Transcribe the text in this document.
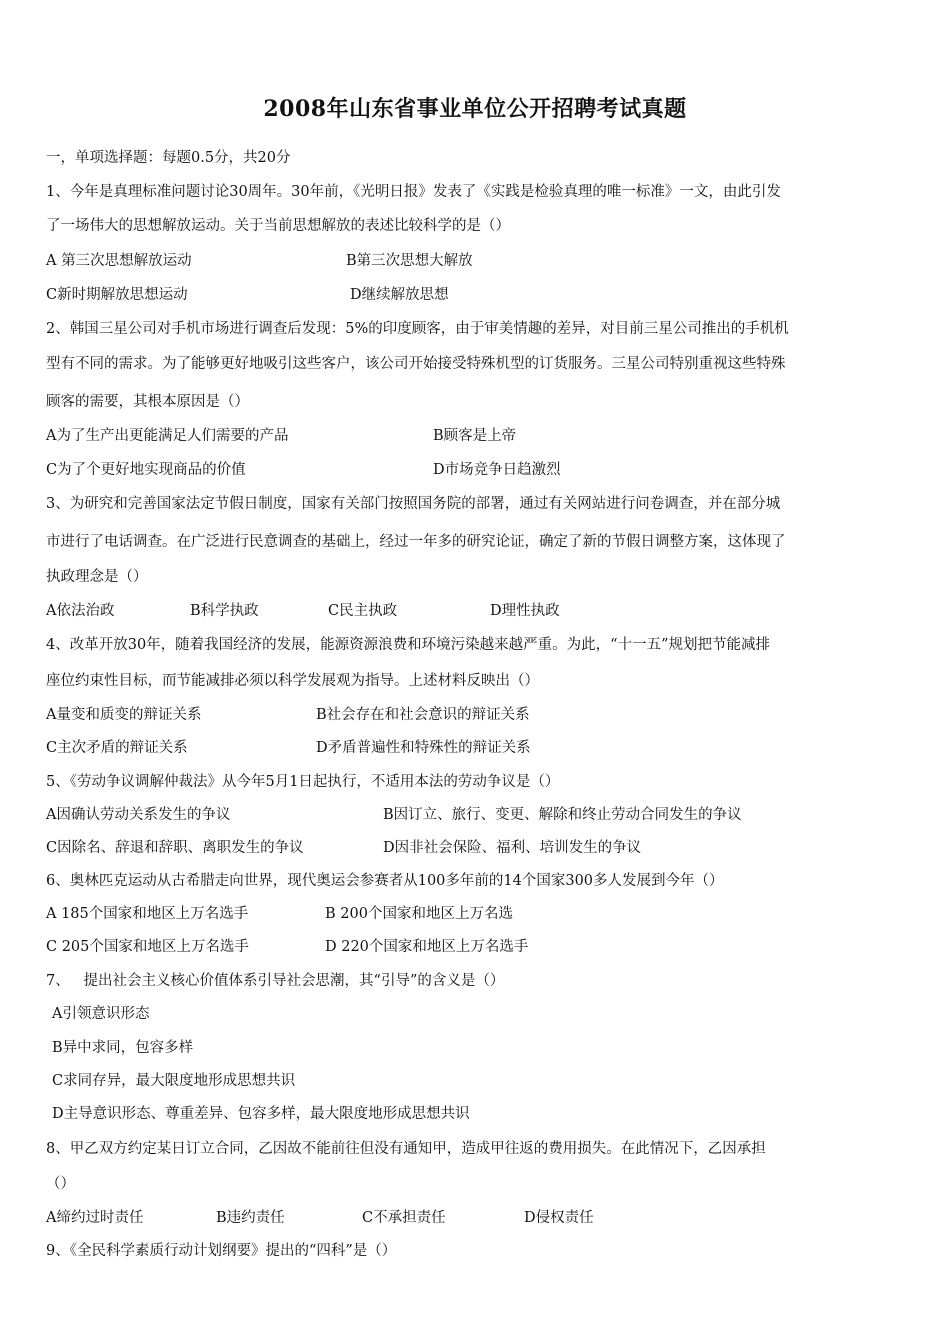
2008年山东省事业单位公开招聘考试真题
一，单项选择题：每题0.5分，共20分
1、今年是真理标准问题讨论30周年。30年前，《光明日报》发表了《实践是检验真理的唯一标准》一文，由此引发
了一场伟大的思想解放运动。关于当前思想解放的表述比较科学的是（）
A 第三次思想解放运动	B第三次思想大解放
C新时期解放思想运动	D继续解放思想
2、韩国三星公司对手机市场进行调查后发现：5%的印度顾客，由于审美情趣的差异，对目前三星公司推出的手机机
型有不同的需求。为了能够更好地吸引这些客户，该公司开始接受特殊机型的订货服务。三星公司特别重视这些特殊
顾客的需要，其根本原因是（）
A为了生产出更能满足人们需要的产品	B顾客是上帝
C为了个更好地实现商品的价值	D市场竞争日趋激烈
3、为研究和完善国家法定节假日制度，国家有关部门按照国务院的部署，通过有关网站进行问卷调查，并在部分城
市进行了电话调查。在广泛进行民意调查的基础上，经过一年多的研究论证，确定了新的节假日调整方案，这体现了
执政理念是（）
A依法治政	B科学执政	C民主执政	D理性执政
4、改革开放30年，随着我国经济的发展，能源资源浪费和环境污染越来越严重。为此，“十一五”规划把节能减排
座位约束性目标，而节能减排必须以科学发展观为指导。上述材料反映出（）
A量变和质变的辩证关系	B社会存在和社会意识的辩证关系
C主次矛盾的辩证关系	D矛盾普遍性和特殊性的辩证关系
5、《劳动争议调解仲裁法》从今年5月1日起执行，不适用本法的劳动争议是（）
A因确认劳动关系发生的争议	B因订立、旅行、变更、解除和终止劳动合同发生的争议
C因除名、辞退和辞职、离职发生的争议	D因非社会保险、福利、培训发生的争议
6、奥林匹克运动从古希腊走向世界，现代奥运会参赛者从100多年前的14个国家300多人发展到今年（）
A 185个国家和地区上万名选手	B 200个国家和地区上万名选
C 205个国家和地区上万名选手	D 220个国家和地区上万名选手
7、   提出社会主义核心价值体系引导社会思潮，其“引导”的含义是（）
A引领意识形态
B异中求同，包容多样
C求同存异，最大限度地形成思想共识
D主导意识形态、尊重差异、包容多样，最大限度地形成思想共识
8、甲乙双方约定某日订立合同，乙因故不能前往但没有通知甲，造成甲往返的费用损失。在此情况下，乙因承担
（）
A缔约过时责任	B违约责任	C不承担责任	D侵权责任
9、《全民科学素质行动计划纲要》提出的“四科”是（）
